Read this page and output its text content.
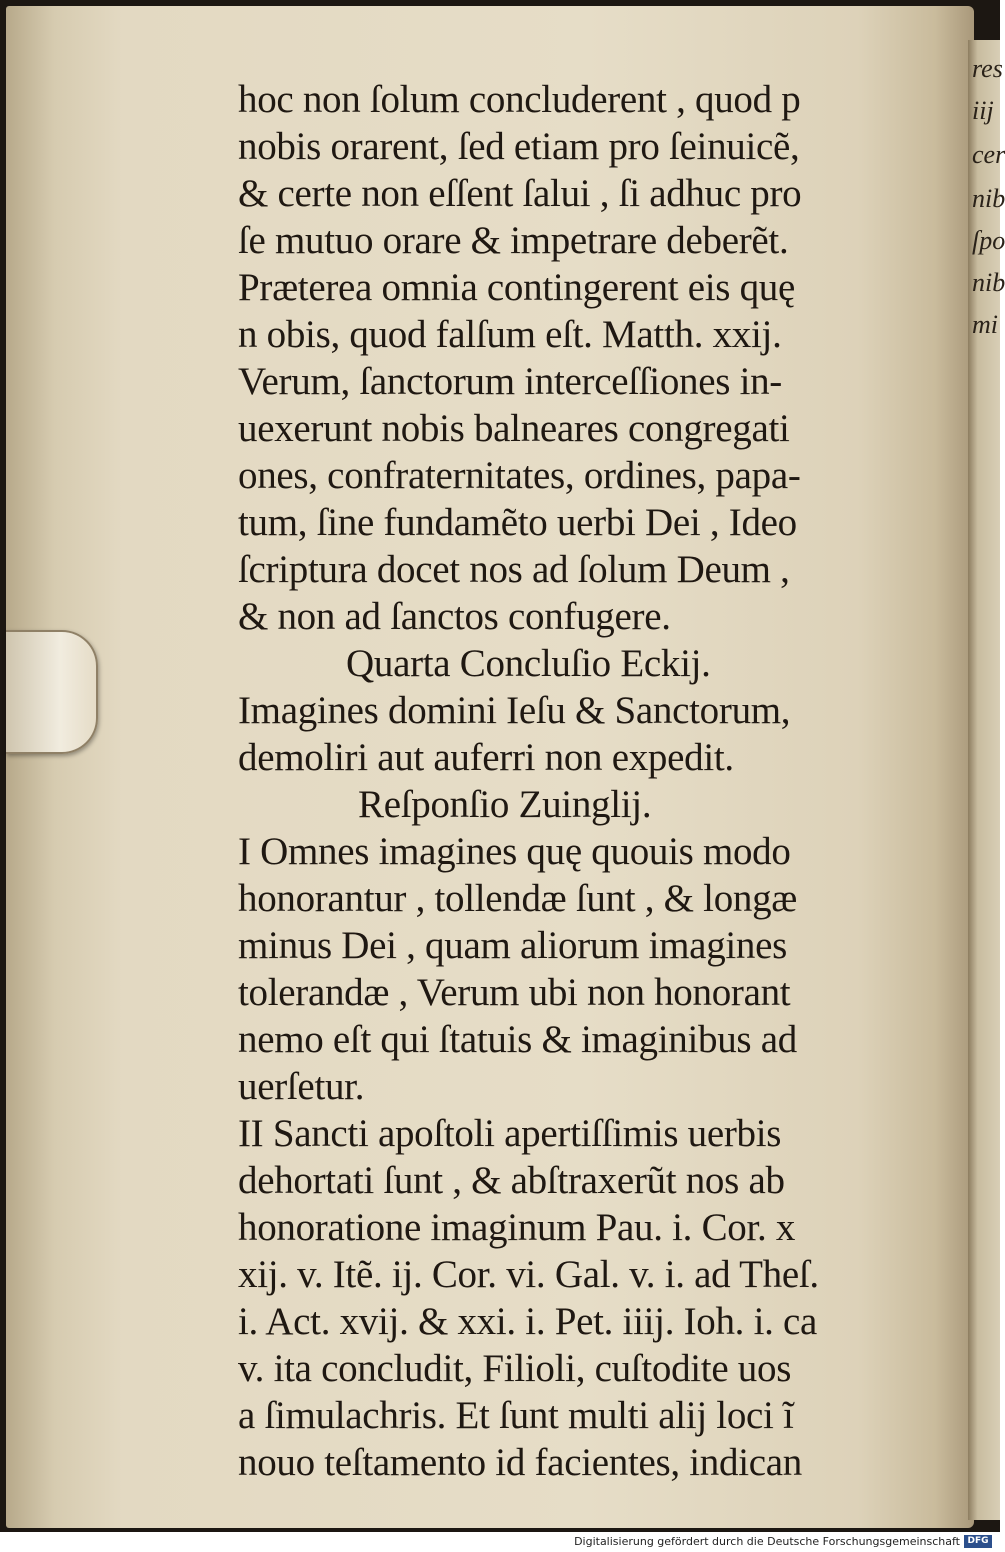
hoc non ſolum concluderent , quod p
nobis orarent, ſed etiam pro ſeinuicẽ,
& certe non eſſent ſalui , ſi adhuc pro
ſe mutuo orare & impetrare deberẽt.
Præterea omnia contingerent eis quę
n obis, quod falſum eſt. Matth. xxij.
Verum, ſanctorum interceſſiones in-
uexerunt nobis balneares congregati
ones, confraternitates, ordines, papa-
tum, ſine fundamẽto uerbi Dei , Ideo
ſcriptura docet nos ad ſolum Deum ,
& non ad ſanctos confugere.
Quarta Concluſio Eckij.
Imagines domini Ieſu & Sanctorum,
demoliri aut auferri non expedit.
Reſponſio Zuinglij.
I Omnes imagines quę quouis modo
honorantur , tollendæ ſunt , & longæ
minus Dei , quam aliorum imagines
tolerandæ , Verum ubi non honorant
nemo eſt qui ſtatuis & imaginibus ad
uerſetur.
II Sancti apoſtoli apertiſſimis uerbis
dehortati ſunt , & abſtraxerũt nos ab
honoratione imaginum Pau. i. Cor. x
xij. v. Itẽ. ij. Cor. vi. Gal. v. i. ad Theſ.
i. Act. xvij. & xxi. i. Pet. iiij. Ioh. i. ca
v. ita concludit, Filioli, cuſtodite uos
a ſimulachris. Et ſunt multi alij loci ĩ
nouo teſtamento id facientes, indican
res
iij
cer
nib
ſpo
nib
mi
Digitalisierung gefördert durch die Deutsche Forschungsgemeinschaft DFG
